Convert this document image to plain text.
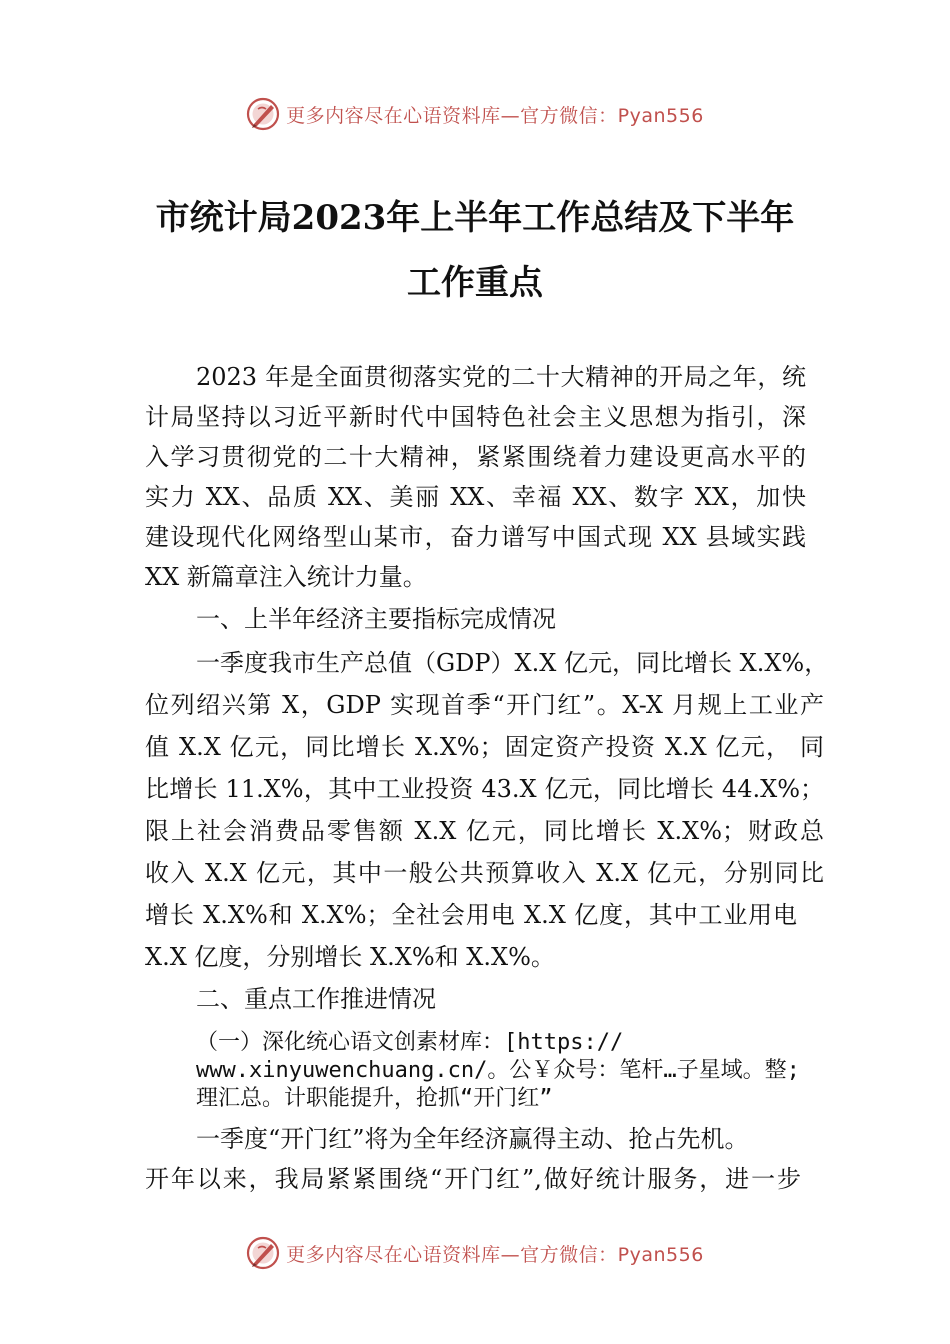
更多内容尽在心语资料库—官方微信：Pyan556
市统计局2023年上半年工作总结及下半年
工作重点
2023 年是全面贯彻落实党的二十大精神的开局之年，统
计局坚持以习近平新时代中国特色社会主义思想为指引，深
入学习贯彻党的二十大精神，紧紧围绕着力建设更高水平的
实力 XX、品质 XX、美丽 XX、幸福 XX、数字 XX，加快
建设现代化网络型山某市，奋力谱写中国式现 XX 县域实践
XX 新篇章注入统计力量。
一、上半年经济主要指标完成情况
一季度我市生产总值（GDP）X.X 亿元，同比增长 X.X%，
位列绍兴第 X，GDP 实现首季“开门红”。X-X 月规上工业产
值 X.X 亿元，同比增长 X.X%；固定资产投资 X.X 亿元， 同
比增长 11.X%，其中工业投资 43.X 亿元，同比增长 44.X%；
限上社会消费品零售额 X.X 亿元，同比增长 X.X%；财政总
收入 X.X 亿元，其中一般公共预算收入 X.X 亿元，分别同比
增长 X.X%和 X.X%；全社会用电 X.X 亿度，其中工业用电
X.X 亿度，分别增长 X.X%和 X.X%。
二、重点工作推进情况
（一）深化统心语文创素材库：[https://
www.xinyuwenchuang.cn/。公￥众号：笔杆…子星域。整;
理汇总。计职能提升，抢抓“开门红”
一季度“开门红”将为全年经济赢得主动、抢占先机。
开年以来，我局紧紧围绕“开门红”,做好统计服务，进一步
更多内容尽在心语资料库—官方微信：Pyan556
